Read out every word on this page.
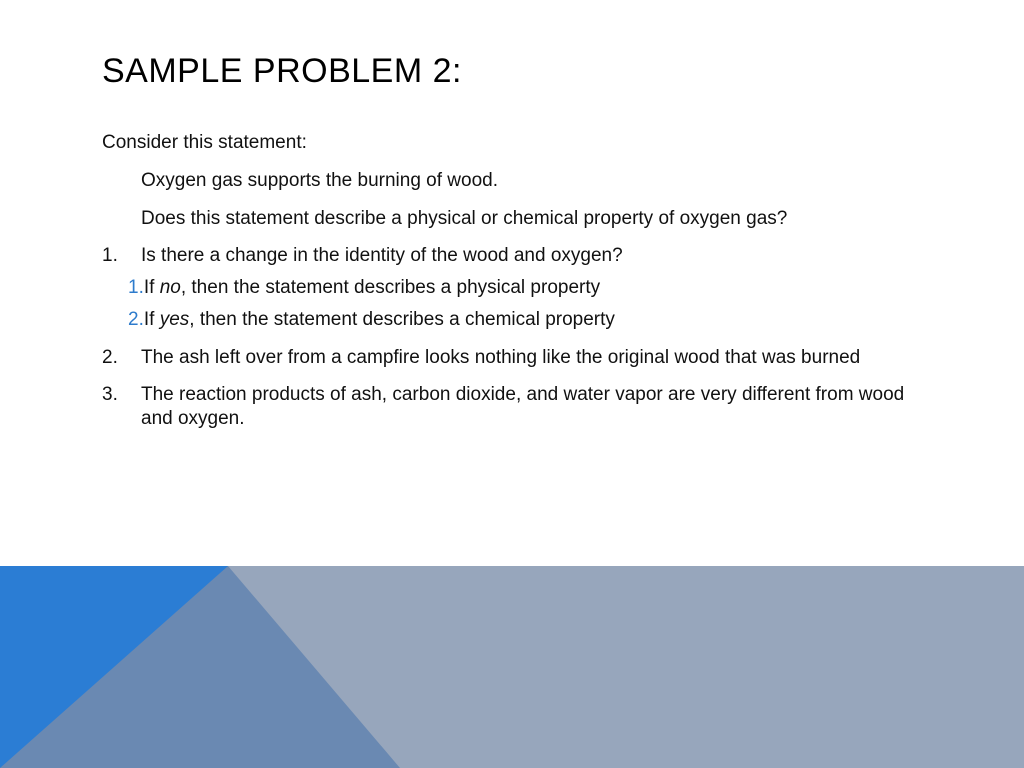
SAMPLE PROBLEM 2:

Consider this statement:

Oxygen gas supports the burning of wood.

Does this statement describe a physical or chemical property of oxygen gas?

1. Is there a change in the identity of the wood and oxygen?
1.If no, then the statement describes a physical property
2.If yes, then the statement describes a chemical property
2. The ash left over from a campfire looks nothing like the original wood that was burned
3. The reaction products of ash, carbon dioxide, and water vapor are very different from wood and oxygen.
